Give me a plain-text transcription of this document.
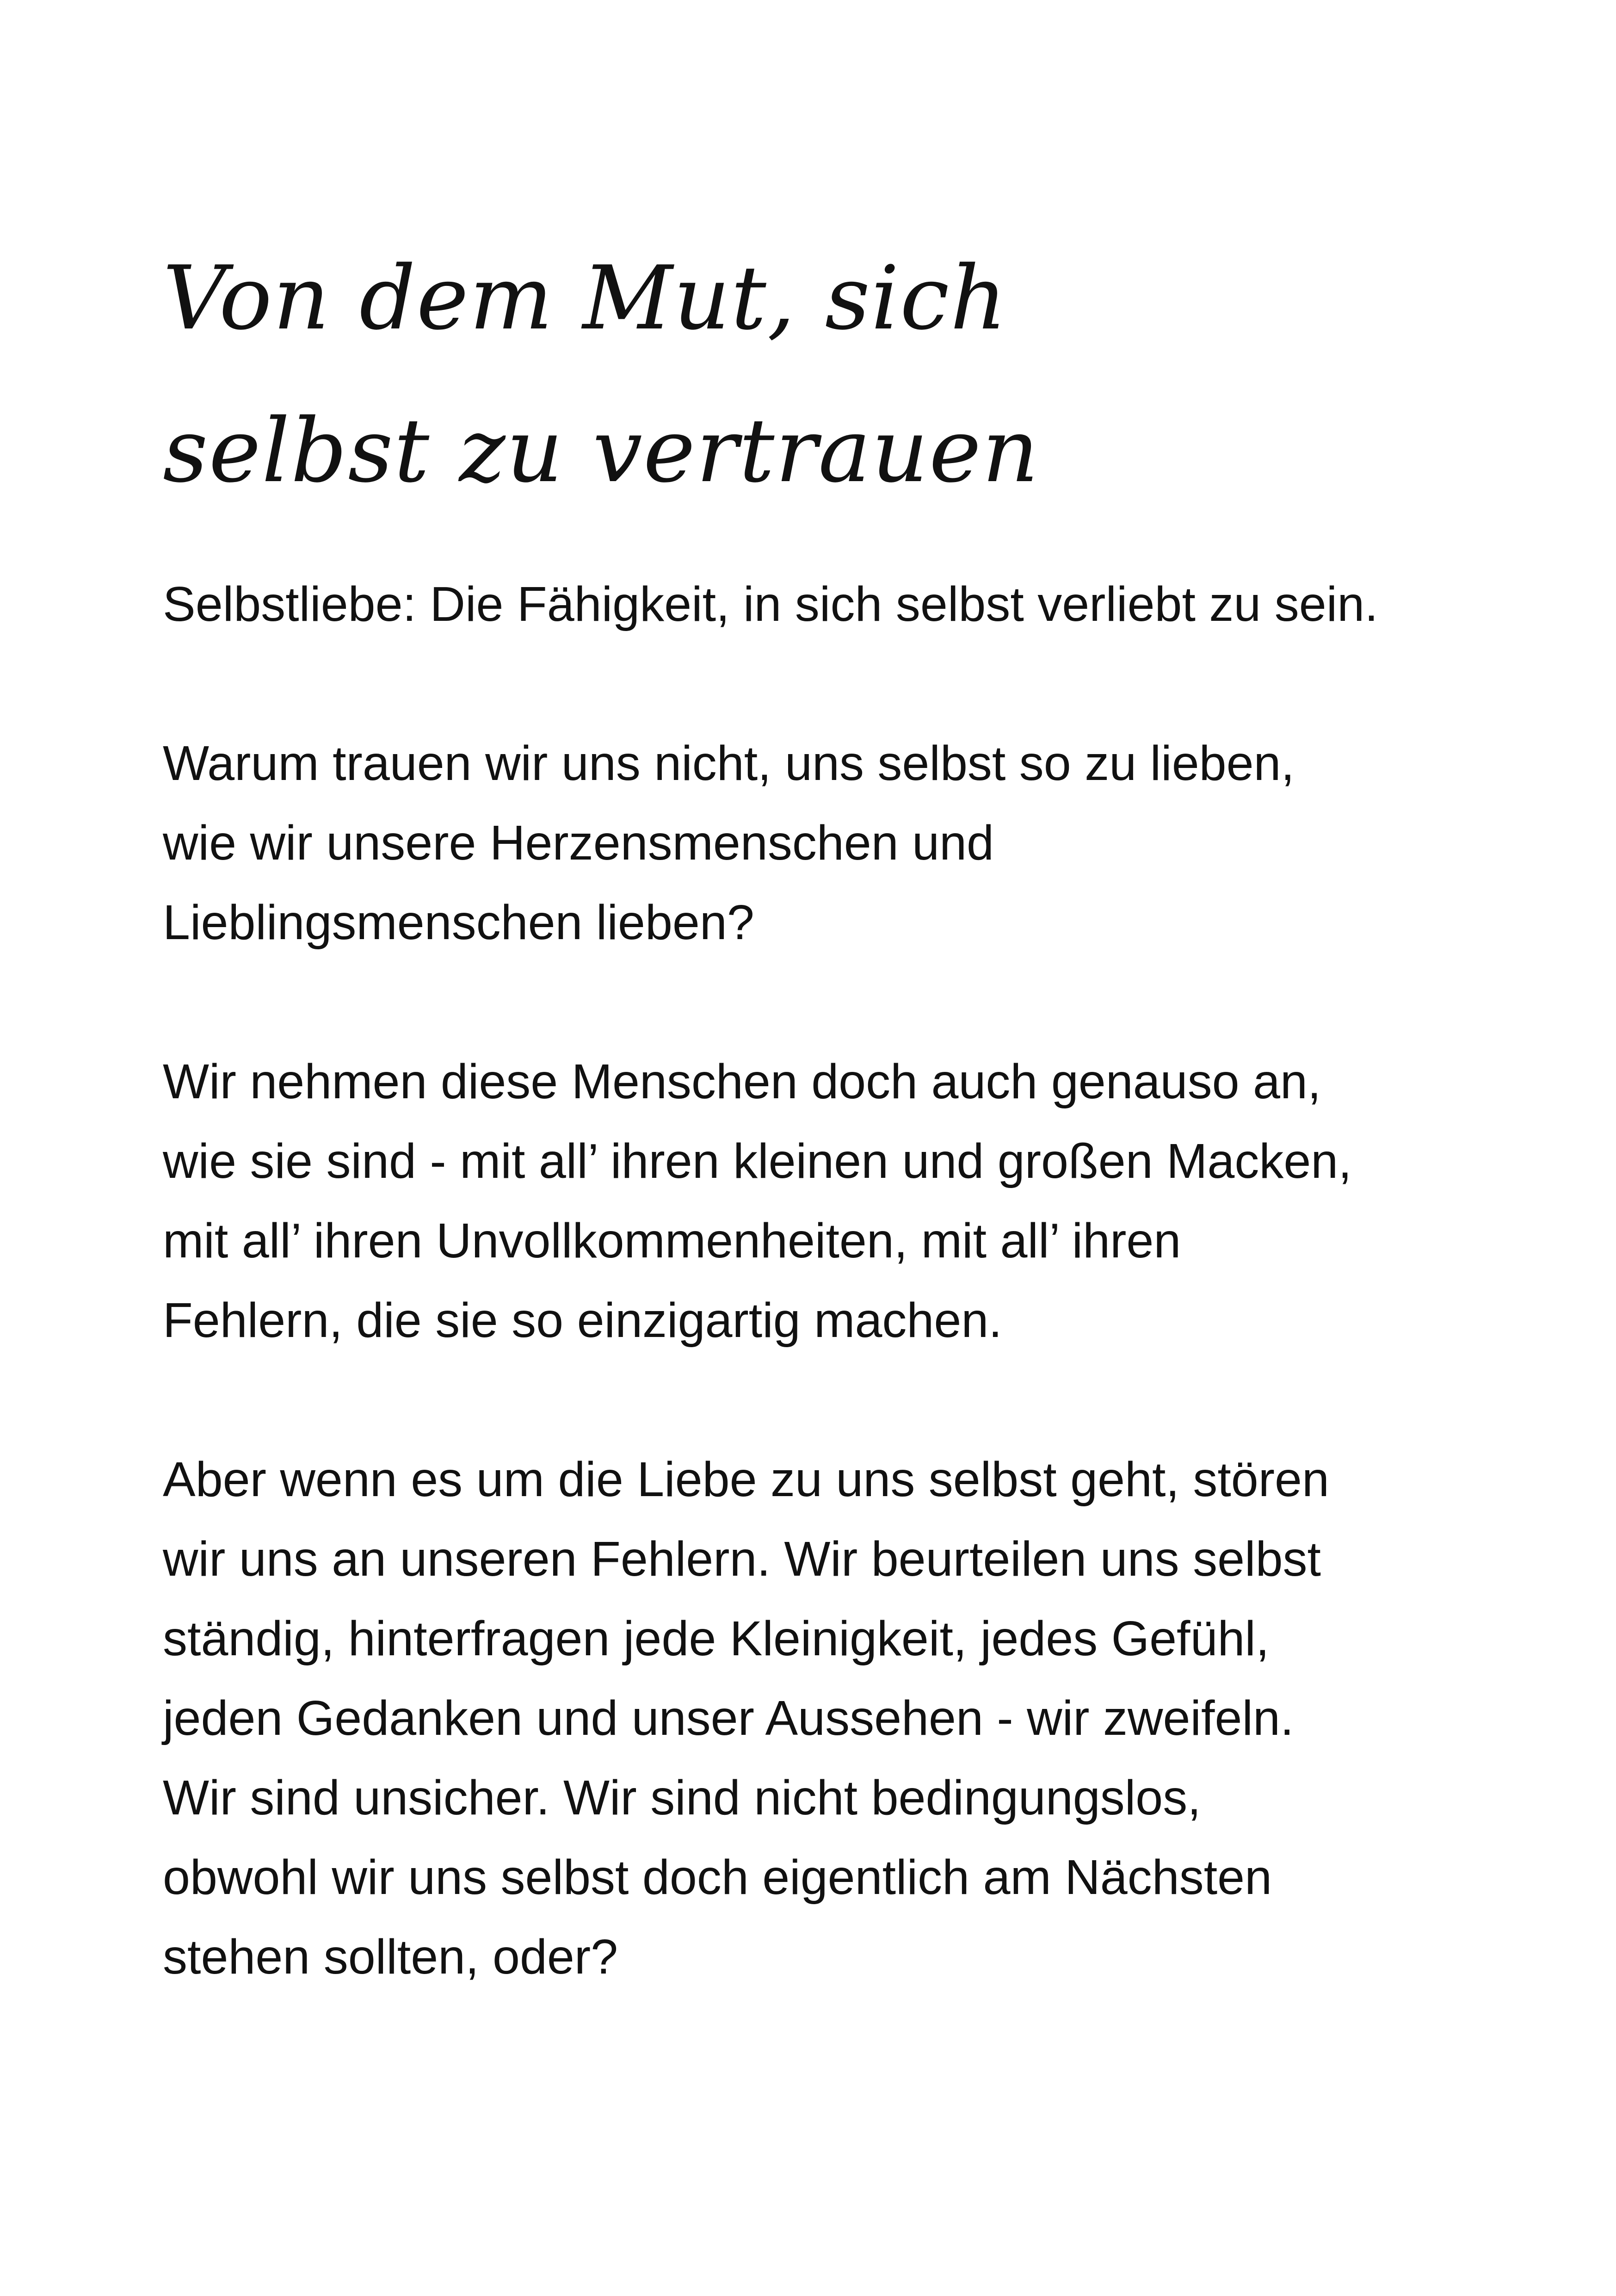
Von dem Mut, sich
selbst zu vertrauen

Selbstliebe: Die Fähigkeit, in sich selbst verliebt zu sein.

Warum trauen wir uns nicht, uns selbst so zu lieben,
wie wir unsere Herzensmenschen und
Lieblingsmenschen lieben?

Wir nehmen diese Menschen doch auch genauso an,
wie sie sind - mit all’ ihren kleinen und großen Macken,
mit all’ ihren Unvollkommenheiten, mit all’ ihren
Fehlern, die sie so einzigartig machen.

Aber wenn es um die Liebe zu uns selbst geht, stören
wir uns an unseren Fehlern. Wir beurteilen uns selbst
ständig, hinterfragen jede Kleinigkeit, jedes Gefühl,
jeden Gedanken und unser Aussehen - wir zweifeln.
Wir sind unsicher. Wir sind nicht bedingungslos,
obwohl wir uns selbst doch eigentlich am Nächsten
stehen sollten, oder?
